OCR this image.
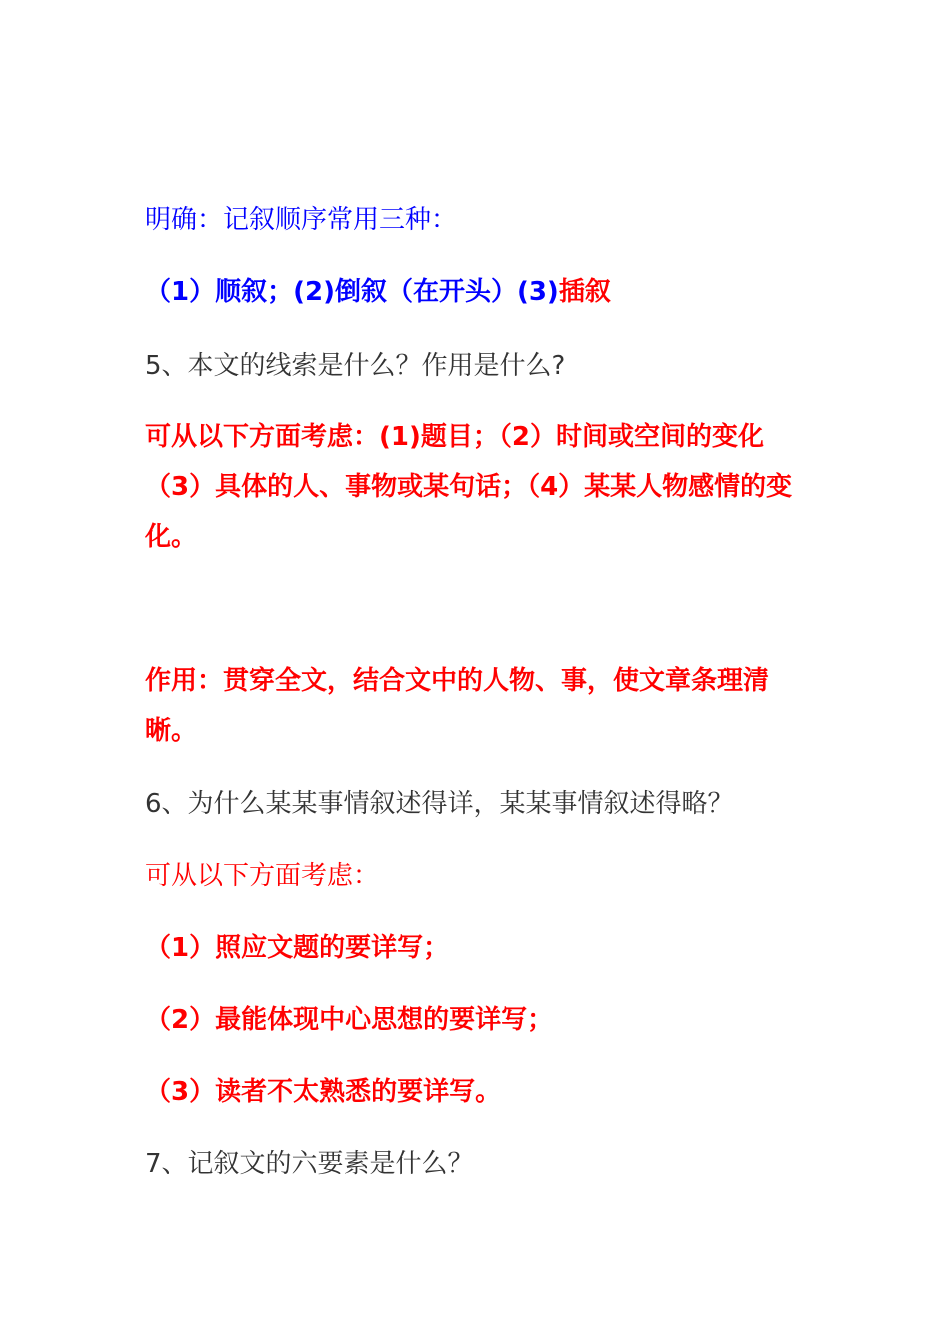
明确：记叙顺序常用三种：
（1）顺叙；(2)倒叙（在开头）(3)插叙
5、本文的线索是什么？作用是什么?
可从以下方面考虑：(1)题目；（2）时间或空间的变化（3）具体的人、事物或某句话；（4）某某人物感情的变化。
作用：贯穿全文，结合文中的人物、事，使文章条理清晰。
6、为什么某某事情叙述得详，某某事情叙述得略？
可从以下方面考虑：
（1）照应文题的要详写；
（2）最能体现中心思想的要详写；
（3）读者不太熟悉的要详写。
7、记叙文的六要素是什么？
